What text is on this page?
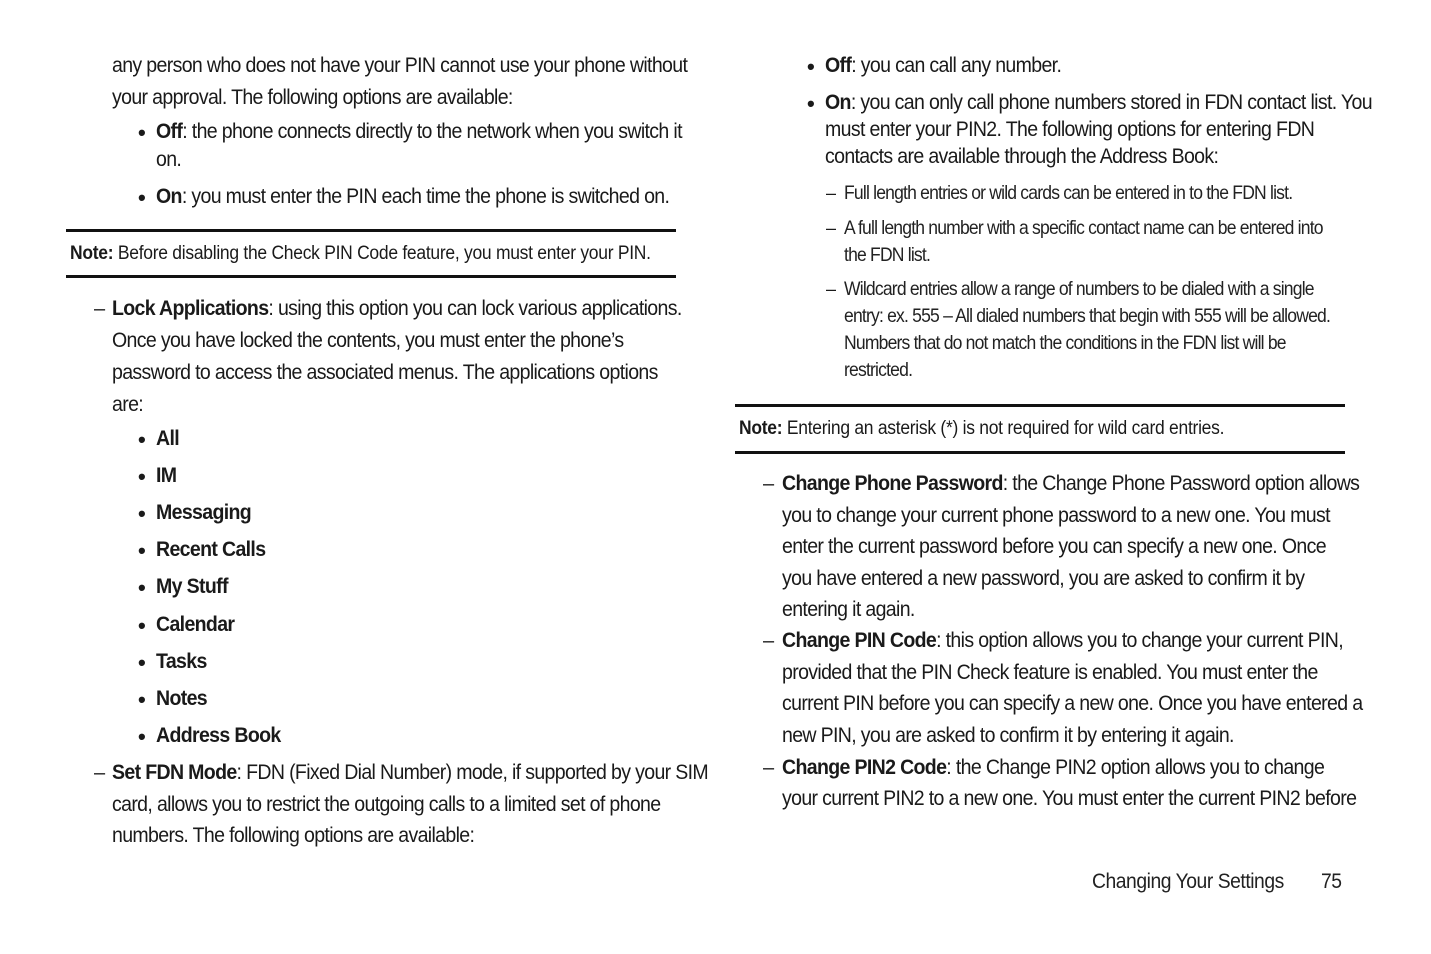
any person who does not have your PIN cannot use your phone without
your approval. The following options are available:
• Off: the phone connects directly to the network when you switch it
on.
• On: you must enter the PIN each time the phone is switched on.
Note: Before disabling the Check PIN Code feature, you must enter your PIN.
– Lock Applications: using this option you can lock various applications.
Once you have locked the contents, you must enter the phone’s
password to access the associated menus. The applications options
are:
• All
• IM
• Messaging
• Recent Calls
• My Stuff
• Calendar
• Tasks
• Notes
• Address Book
– Set FDN Mode: FDN (Fixed Dial Number) mode, if supported by your SIM
card, allows you to restrict the outgoing calls to a limited set of phone
numbers. The following options are available:
• Off: you can call any number.
• On: you can only call phone numbers stored in FDN contact list. You
must enter your PIN2. The following options for entering FDN
contacts are available through the Address Book:
– Full length entries or wild cards can be entered in to the FDN list.
– A full length number with a specific contact name can be entered into
the FDN list.
– Wildcard entries allow a range of numbers to be dialed with a single
entry: ex. 555 – All dialed numbers that begin with 555 will be allowed.
Numbers that do not match the conditions in the FDN list will be
restricted.
Note: Entering an asterisk (*) is not required for wild card entries.
– Change Phone Password: the Change Phone Password option allows
you to change your current phone password to a new one. You must
enter the current password before you can specify a new one. Once
you have entered a new password, you are asked to confirm it by
entering it again.
– Change PIN Code: this option allows you to change your current PIN,
provided that the PIN Check feature is enabled. You must enter the
current PIN before you can specify a new one. Once you have entered a
new PIN, you are asked to confirm it by entering it again.
– Change PIN2 Code: the Change PIN2 option allows you to change
your current PIN2 to a new one. You must enter the current PIN2 before
Changing Your Settings 75
